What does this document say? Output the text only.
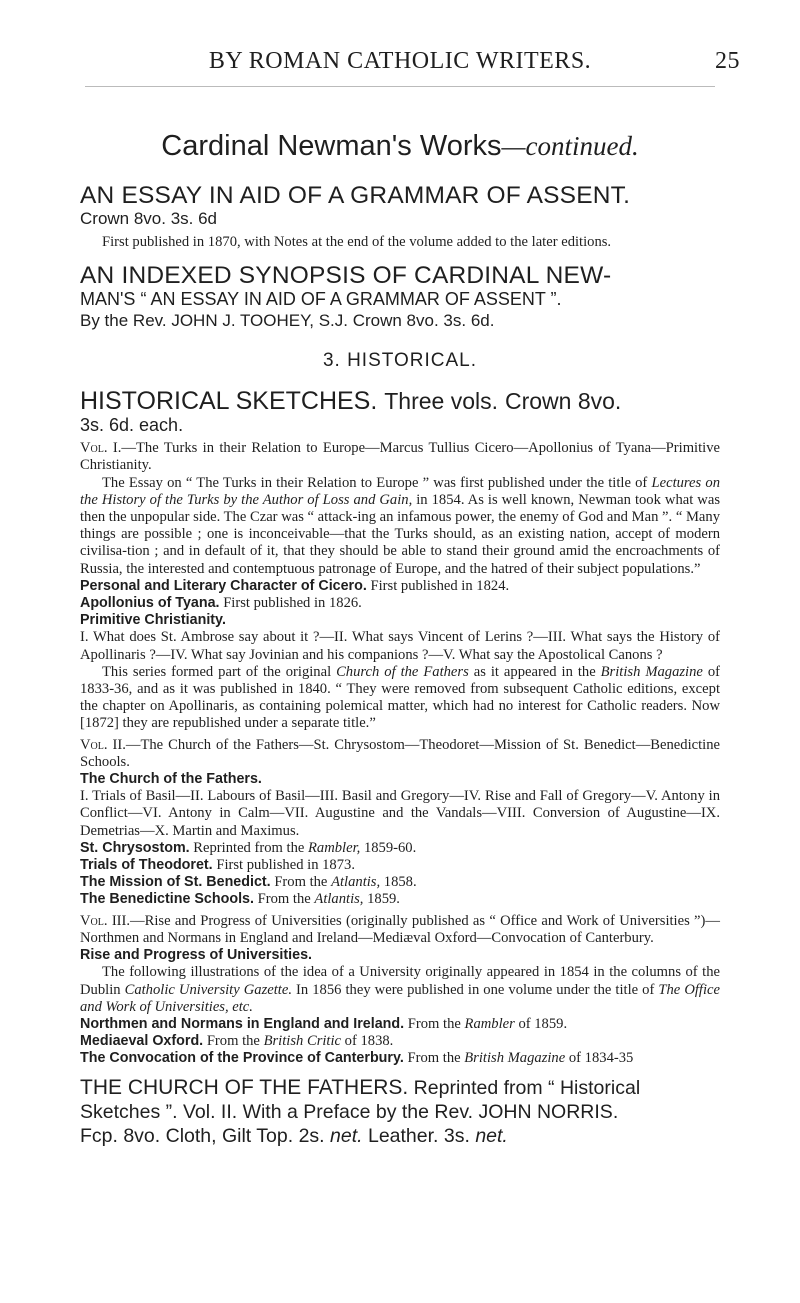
BY ROMAN CATHOLIC WRITERS.	25
Cardinal Newman's Works—continued.

AN ESSAY IN AID OF A GRAMMAR OF ASSENT.

Crown 8vo. 3s. 6d

First published in 1870, with Notes at the end of the volume added to the later editions.

AN INDEXED SYNOPSIS OF CARDINAL NEW-

MAN'S “ AN ESSAY IN AID OF A GRAMMAR OF ASSENT ”.

By the Rev. JOHN J. TOOHEY, S.J. Crown 8vo. 3s. 6d.

3. HISTORICAL.

HISTORICAL SKETCHES. Three vols. Crown 8vo.

3s. 6d. each.

Vol. I.—The Turks in their Relation to Europe—Marcus Tullius Cicero—Apollonius of Tyana—Primitive Christianity.

The Essay on “ The Turks in their Relation to Europe ” was first published under the title of Lectures on the History of the Turks by the Author of Loss and Gain, in 1854. As is well known, Newman took what was then the unpopular side. The Czar was “ attack-ing an infamous power, the enemy of God and Man ”. “ Many things are possible ; one is inconceivable—that the Turks should, as an existing nation, accept of modern civilisa-tion ; and in default of it, that they should be able to stand their ground amid the encroachments of Russia, the interested and contemptuous patronage of Europe, and the hatred of their subject populations.”

Personal and Literary Character of Cicero. First published in 1824.

Apollonius of Tyana. First published in 1826.

Primitive Christianity.

I. What does St. Ambrose say about it ?—II. What says Vincent of Lerins ?—III. What says the History of Apollinaris ?—IV. What say Jovinian and his companions ?—V. What say the Apostolical Canons ?

This series formed part of the original Church of the Fathers as it appeared in the British Magazine of 1833-36, and as it was published in 1840. “ They were removed from subsequent Catholic editions, except the chapter on Apollinaris, as containing polemical matter, which had no interest for Catholic readers. Now [1872] they are republished under a separate title.”

Vol. II.—The Church of the Fathers—St. Chrysostom—Theodoret—Mission of St. Benedict—Benedictine Schools.

The Church of the Fathers.

I. Trials of Basil—II. Labours of Basil—III. Basil and Gregory—IV. Rise and Fall of Gregory—V. Antony in Conflict—VI. Antony in Calm—VII. Augustine and the Vandals—VIII. Conversion of Augustine—IX. Demetrias—X. Martin and Maximus.

St. Chrysostom. Reprinted from the Rambler, 1859-60.

Trials of Theodoret. First published in 1873.

The Mission of St. Benedict. From the Atlantis, 1858.

The Benedictine Schools. From the Atlantis, 1859.

Vol. III.—Rise and Progress of Universities (originally published as “ Office and Work of Universities ”)—Northmen and Normans in England and Ireland—Mediæval Oxford—Convocation of Canterbury.

Rise and Progress of Universities.

The following illustrations of the idea of a University originally appeared in 1854 in the columns of the Dublin Catholic University Gazette. In 1856 they were published in one volume under the title of The Office and Work of Universities, etc.

Northmen and Normans in England and Ireland. From the Rambler of 1859.

Mediaeval Oxford. From the British Critic of 1838.

The Convocation of the Province of Canterbury. From the British Magazine of 1834-35

THE CHURCH OF THE FATHERS. Reprinted from “ Historical

Sketches ”. Vol. II. With a Preface by the Rev. JOHN NORRIS.

Fcp. 8vo. Cloth, Gilt Top. 2s. net. Leather. 3s. net.
